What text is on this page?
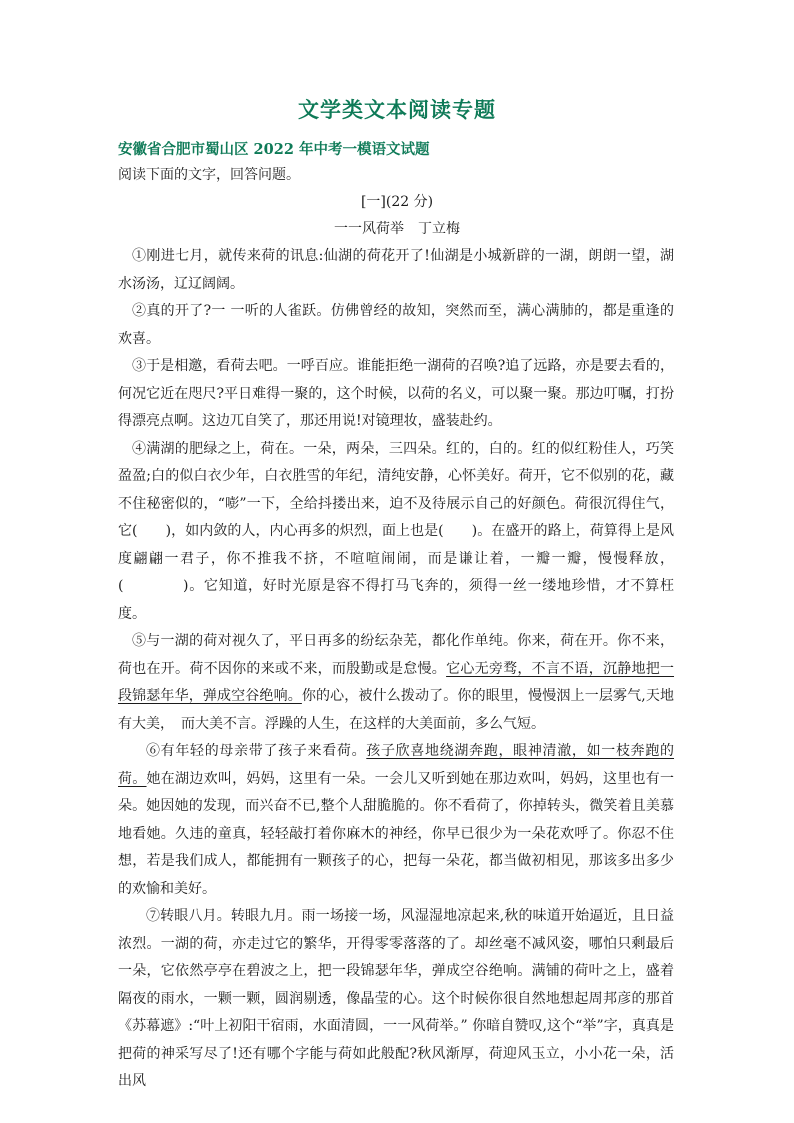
文学类文本阅读专题
安徽省合肥市蜀山区 2022 年中考一模语文试题
阅读下面的文字，回答问题。
[一](22 分)
一一风荷举　丁立梅

①刚进七月，就传来荷的讯息:仙湖的荷花开了!仙湖是小城新辟的一湖，朗朗一望，湖水汤汤，辽辽阔阔。

②真的开了?一 一听的人雀跃。仿佛曾经的故知，突然而至，满心满肺的，都是重逢的欢喜。

③于是相邀，看荷去吧。一呼百应。谁能拒绝一湖荷的召唤?追了远路，亦是要去看的，何况它近在咫尺?平日难得一聚的，这个时候，以荷的名义，可以聚一聚。那边叮嘱，打扮得漂亮点啊。这边兀自笑了，那还用说!对镜理妆，盛装赴约。

④满湖的肥绿之上，荷在。一朵，两朵，三四朵。红的，白的。红的似红粉佳人，巧笑盈盈;白的似白衣少年，白衣胜雪的年纪，清纯安静，心怀美好。荷开，它不似别的花，藏不住秘密似的，“嘭”一下，全给抖搂出来，迫不及待展示自己的好颜色。荷很沉得住气，它(　　)，如内敛的人，内心再多的炽烈，面上也是(　　)。在盛开的路上，荷算得上是风度翩翩一君子，你不推我不挤，不喧喧闹闹，而是谦让着，一瓣一瓣，慢慢释放，(　　　　)。它知道，好时光原是容不得打马飞奔的，须得一丝一缕地珍惜，才不算枉度。

⑤与一湖的荷对视久了，平日再多的纷纭杂芜，都化作单纯。你来，荷在开。你不来，荷也在开。荷不因你的来或不来，而殷勤或是怠慢。它心无旁骛，不言不语，沉静地把一段锦瑟年华，弹成空谷绝响。你的心，被什么拨动了。你的眼里，慢慢洇上一层雾气,天地有大美，　而大美不言。浮躁的人生，在这样的大美面前，多么气短。

⑥有年轻的母亲带了孩子来看荷。孩子欣喜地绕湖奔跑，眼神清澈，如一枝奔跑的荷。她在湖边欢叫，妈妈，这里有一朵。一会儿又听到她在那边欢叫，妈妈，这里也有一朵。她因她的发现，而兴奋不已,整个人甜脆脆的。你不看荷了，你掉转头，微笑着且美慕地看她。久违的童真，轻轻敲打着你麻木的神经，你早已很少为一朵花欢呼了。你忍不住想，若是我们成人，都能拥有一颗孩子的心，把每一朵花，都当做初相见，那该多出多少的欢愉和美好。

⑦转眼八月。转眼九月。雨一场接一场，风湿湿地凉起来,秋的味道开始逼近，且日益浓烈。一湖的荷，亦走过它的繁华，开得零零落落的了。却丝毫不减风姿，哪怕只剩最后一朵，它依然亭亭在碧波之上，把一段锦瑟年华，弹成空谷绝响。满铺的荷叶之上，盛着隔夜的雨水，一颗一颗，圆润剔透，像晶莹的心。这个时候你很自然地想起周邦彦的那首《苏幕遮》:“叶上初阳干宿雨，水面清圆，一一风荷举。” 你暗自赞叹,这个“举”字，真真是把荷的神采写尽了!还有哪个字能与荷如此般配?秋风渐厚，荷迎风玉立，小小花一朵，活出风
